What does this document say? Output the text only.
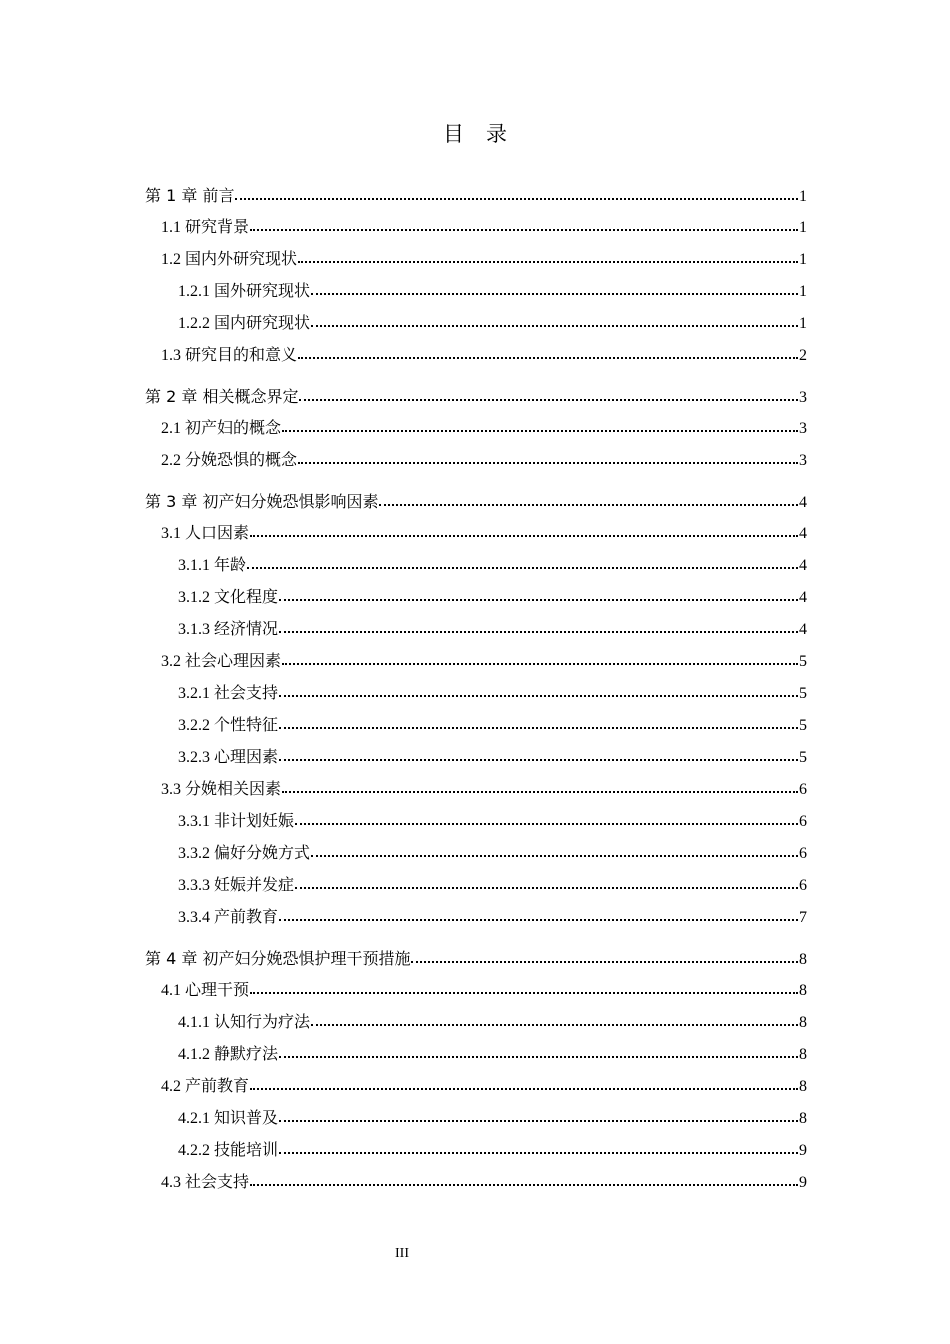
目录
第 1 章 前言	1
1.1 研究背景	1
1.2 国内外研究现状	1
1.2.1 国外研究现状	1
1.2.2 国内研究现状	1
1.3 研究目的和意义	2
第 2 章 相关概念界定	3
2.1 初产妇的概念	3
2.2 分娩恐惧的概念	3
第 3 章 初产妇分娩恐惧影响因素	4
3.1 人口因素	4
3.1.1 年龄	4
3.1.2 文化程度	4
3.1.3 经济情况	4
3.2 社会心理因素	5
3.2.1 社会支持	5
3.2.2 个性特征	5
3.2.3 心理因素	5
3.3 分娩相关因素	6
3.3.1 非计划妊娠	6
3.3.2 偏好分娩方式	6
3.3.3 妊娠并发症	6
3.3.4 产前教育	7
第 4 章 初产妇分娩恐惧护理干预措施	8
4.1 心理干预	8
4.1.1 认知行为疗法	8
4.1.2 静默疗法	8
4.2 产前教育	8
4.2.1 知识普及	8
4.2.2 技能培训	9
4.3 社会支持	9
III
